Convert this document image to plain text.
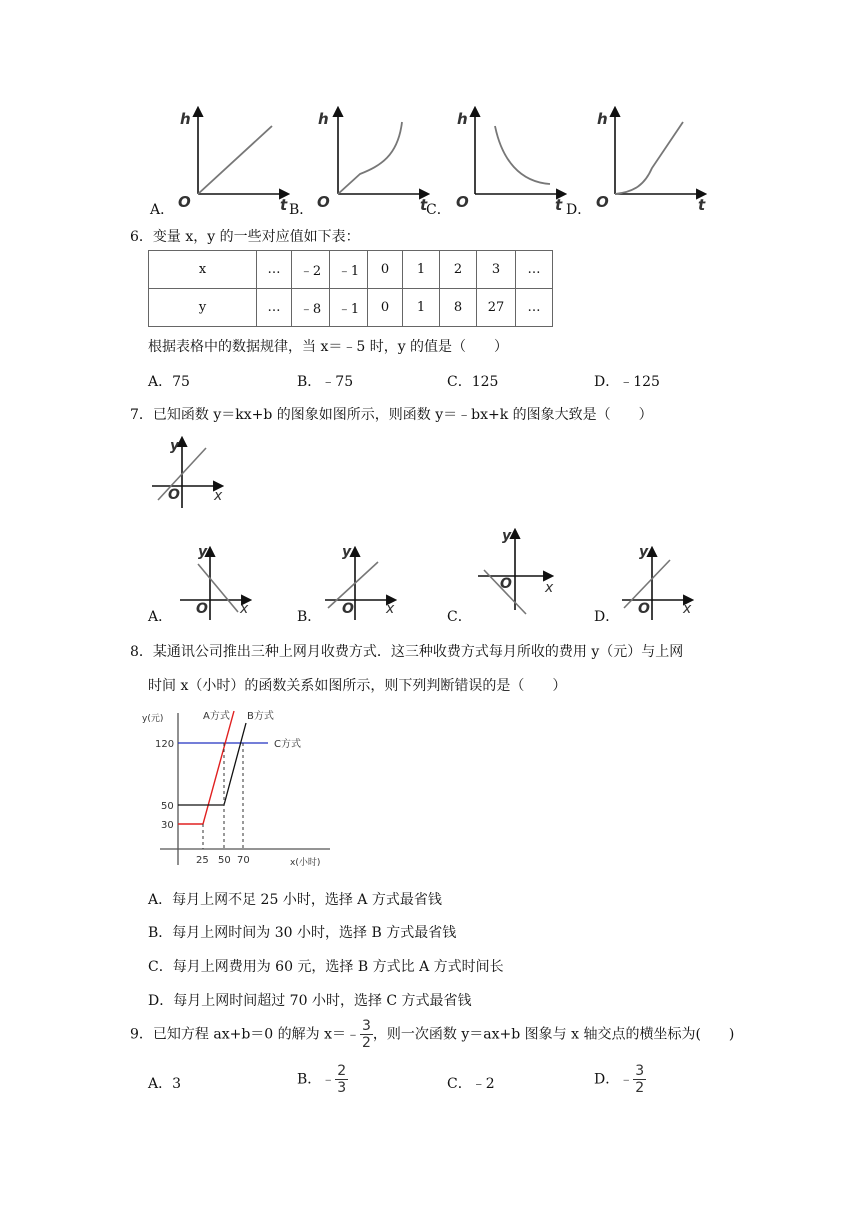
h
O	t
h
O	t
h
O	t
h
O	t
A．	B．	C．	D．
6．变量 x，y 的一些对应值如下表：
x	…	﹣2	﹣1	0	1	2	3	…
y	…	﹣8	﹣1	0	1	8	27	…
根据表格中的数据规律，当 x＝﹣5 时，y 的值是（　　）
A．75	B．﹣75	C．125	D．﹣125
7．已知函数 y＝kx+b 的图象如图所示，则函数 y＝﹣bx+k 的图象大致是（　　）
y
O x
y
O x
y
O x
y
O x
y
O x
A．	B．	C．	D．
8．某通讯公司推出三种上网月收费方式．这三种收费方式每月所收的费用 y（元）与上网
时间 x（小时）的函数关系如图所示，则下列判断错误的是（　　）
y(元)	A方式 B方式
C方式
120
50
30
25 50 70	x(小时)
A．每月上网不足 25 小时，选择 A 方式最省钱
B．每月上网时间为 30 小时，选择 B 方式最省钱
C．每月上网费用为 60 元，选择 B 方式比 A 方式时间长
D．每月上网时间超过 70 小时，选择 C 方式最省钱
9．已知方程 ax+b＝0 的解为 x＝﹣ $\frac{3}{2}$ ，则一次函数 y＝ax+b 图象与 x 轴交点的横坐标为(　　)
A．3	B．﹣ $\frac{2}{3}$	C．﹣2	D．﹣ $\frac{3}{2}$
